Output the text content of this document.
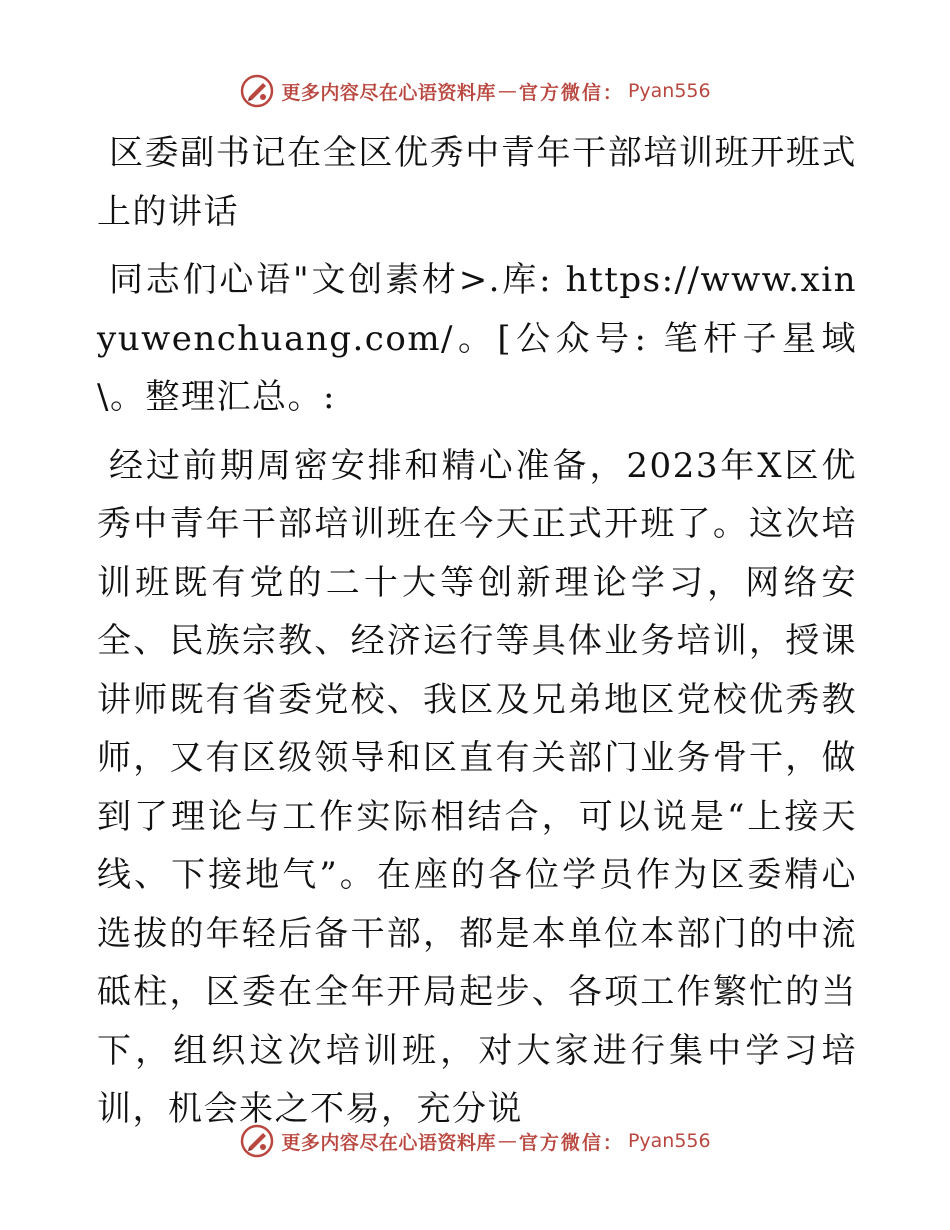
更多内容尽在心语资料库 — 官方微信： Pyan556

区委副书记在全区优秀中青年干部培训班开班式上的讲话

同志们心语"文创素材>.库: https://www.xinyuwenchuang.com/。[公众号: 笔杆子星域\。整理汇总。:

经过前期周密安排和精心准备，2023年X区优秀中青年干部培训班在今天正式开班了。这次培训班既有党的二十大等创新理论学习，网络安全、民族宗教、经济运行等具体业务培训，授课讲师既有省委党校、我区及兄弟地区党校优秀教师，又有区级领导和区直有关部门业务骨干，做到了理论与工作实际相结合，可以说是“上接天线、下接地气”。在座的各位学员作为区委精心选拔的年轻后备干部，都是本单位本部门的中流砥柱，区委在全年开局起步、各项工作繁忙的当下，组织这次培训班，对大家进行集中学习培训，机会来之不易，充分说

更多内容尽在心语资料库 — 官方微信： Pyan556
